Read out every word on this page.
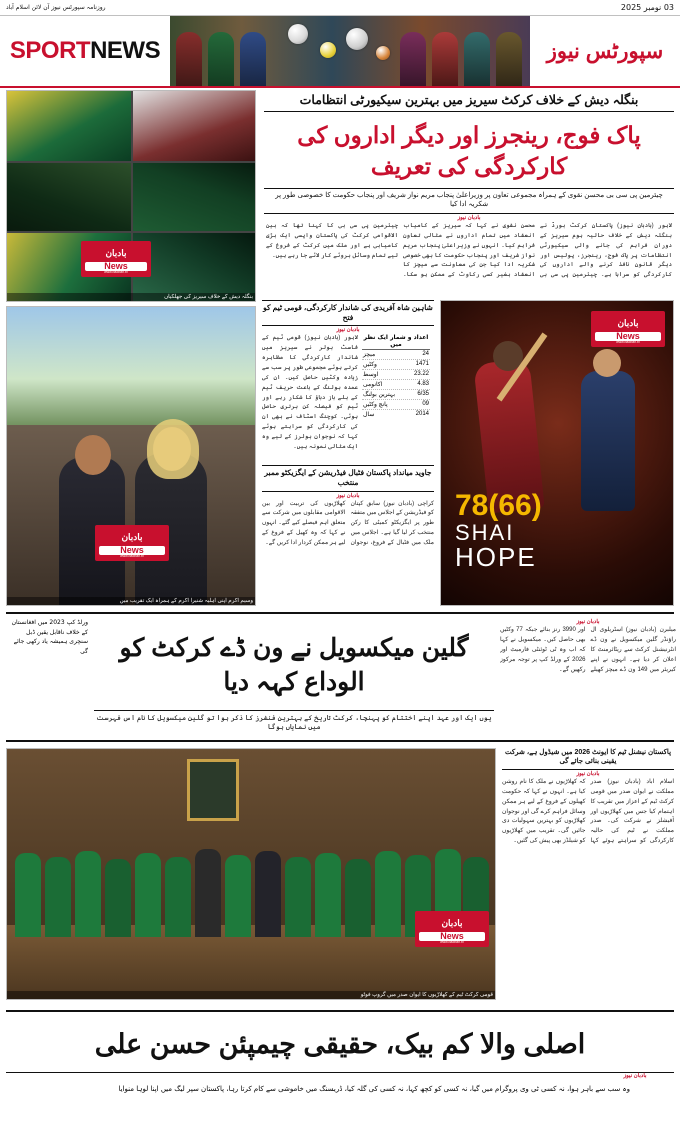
03 نومبر 2025
روزنامہ سپورٹس نیوز آن لائن اسلام آباد
SPORTNEWS	سپورٹس نیوز
بنگلہ دیش کے خلاف کرکٹ سیریز میں بہترین سیکیورٹی انتظامات
پاک فوج، رینجرز اور دیگر اداروں کی کارکردگی کی تعریف
چیئرمین پی سی بی محسن نقوی کے ہمراہ مجموعی تعاون پر وزیراعلیٰ پنجاب مریم نواز شریف اور پنجاب حکومت کا خصوصی طور پر شکریہ ادا کیا
بادبان نیوز
لاہور (بادبان نیوز) پاکستان کرکٹ بورڈ نے بنگلہ دیش کے خلاف حالیہ ہوم سیریز کے دوران فراہم کی جانے والی سیکیورٹی انتظامات پر پاک فوج، رینجرز، پولیس اور دیگر قانون نافذ کرنے والے اداروں کی کارکردگی کو سراہا ہے۔ چیئرمین پی سی بی محسن نقوی نے کہا کہ سیریز کے کامیاب انعقاد میں تمام اداروں نے مثالی تعاون فراہم کیا۔ انہوں نے وزیراعلیٰ پنجاب مریم نواز شریف اور پنجاب حکومت کا بھی خصوصی شکریہ ادا کیا جن کی معاونت سے میچز کا انعقاد بغیر کسی رکاوٹ کے ممکن ہو سکا۔ چیئرمین پی سی بی کا کہنا تھا کہ بین الاقوامی کرکٹ کی پاکستان واپسی ایک بڑی کامیابی ہے اور ملک میں کرکٹ کے فروغ کے لیے تمام وسائل بروئے کار لائے جا رہے ہیں۔
بادبان
News
www.badban.tv
بنگلہ دیش کے خلاف سیریز کی جھلکیاں
بادبان
News
www.badban.tv
وسیم اکرم اپنی اہلیہ شنیرا اکرم کے ہمراہ ایک تقریب میں
شاہین شاہ آفریدی کی شاندار کارکردگی، قومی ٹیم کو فتح
بادبان نیوز
لاہور (بادبان نیوز) قومی ٹیم کے فاسٹ بولر نے سیریز میں شاندار کارکردگی کا مظاہرہ کرتے ہوئے مجموعی طور پر سب سے زیادہ وکٹیں حاصل کیں۔ ان کی عمدہ بولنگ کے باعث حریف ٹیم کے بلے باز دباؤ کا شکار رہے اور ٹیم کو فیصلہ کن برتری حاصل ہوئی۔ کوچنگ اسٹاف نے بھی ان کی کارکردگی کو سراہتے ہوئے کہا کہ نوجوان بولرز کے لیے وہ ایک مثالی نمونہ ہیں۔
اعداد و شمار ایک نظر میں
24
میچز
1471
وکٹیں
23.22
اوسط
4.83
اکانومی
6/35
بہترین بولنگ
09
پانچ وکٹیں
2014
سال
جاوید میانداد پاکستان فٹبال فیڈریشن کے ایگزیکٹو ممبر منتخب
بادبان نیوز
کراچی (بادبان نیوز) سابق کپتان کو فیڈریشن کے اجلاس میں متفقہ طور پر ایگزیکٹو کمیٹی کا رکن منتخب کر لیا گیا ہے۔ اجلاس میں ملک میں فٹبال کے فروغ، نوجوان کھلاڑیوں کی تربیت اور بین الاقوامی مقابلوں میں شرکت سے متعلق اہم فیصلے کیے گئے۔ انہوں نے کہا کہ وہ کھیل کے فروغ کے لیے ہر ممکن کردار ادا کریں گے۔
بادبان
News
www.badban.tv
78(66)
SHAI
HOPE
ورلڈ کپ 2023 میں افغانستان کے خلاف ناقابل یقین ڈبل سنچری ہمیشہ یاد رکھی جائے گی	گلین میکسویل نے ون ڈے کرکٹ کو الوداع کہہ دیا
یوں ایک اور عہد اپنے اختتام کو پہنچا، کرکٹ تاریخ کے بہترین فنشرز کا ذکر ہوا تو گلین میکسویل کا نام اس فہرست میں نمایاں ہوگا
بادبان نیوز
میلبرن (بادبان نیوز) آسٹریلوی آل راؤنڈر گلین میکسویل نے ون ڈے انٹرنیشنل کرکٹ سے ریٹائرمنٹ کا اعلان کر دیا ہے۔ انہوں نے اپنے کیریئر میں 149 ون ڈے میچز کھیلے اور 3990 رنز بنائے جبکہ 77 وکٹیں بھی حاصل کیں۔ میکسویل نے کہا کہ اب وہ ٹی ٹوئنٹی فارمیٹ اور 2026 کے ورلڈ کپ پر توجہ مرکوز رکھیں گے۔
بادبان
News
www.badban.tv
قومی کرکٹ ٹیم کے کھلاڑیوں کا ایوان صدر میں گروپ فوٹو
پاکستان نیشنل ٹیم کا ایونٹ 2026 میں شیڈول ہے، شرکت یقینی بنائی جائے گی
بادبان نیوز
اسلام آباد (بادبان نیوز) صدر مملکت نے ایوان صدر میں قومی کرکٹ ٹیم کے اعزاز میں تقریب کا اہتمام کیا جس میں کھلاڑیوں اور آفیشلز نے شرکت کی۔ صدر مملکت نے ٹیم کی حالیہ کارکردگی کو سراہتے ہوئے کہا کہ کھلاڑیوں نے ملک کا نام روشن کیا ہے۔ انہوں نے کہا کہ حکومت کھیلوں کے فروغ کے لیے ہر ممکن وسائل فراہم کرے گی اور نوجوان کھلاڑیوں کو بہترین سہولیات دی جائیں گی۔ تقریب میں کھلاڑیوں کو شیلڈز بھی پیش کی گئیں۔
اصلی والا کم بیک، حقیقی چیمپئن حسن علی
وہ سب سے باہر ہوا، نہ کسی ٹی وی پروگرام میں گیا، نہ کسی کو کچھ کہا، نہ کسی کی گلہ کیا، ڈریسنگ میں خاموشی سے کام کرتا رہا، پاکستان سپر لیگ میں اپنا لوہا منوایا
بادبان نیوز
